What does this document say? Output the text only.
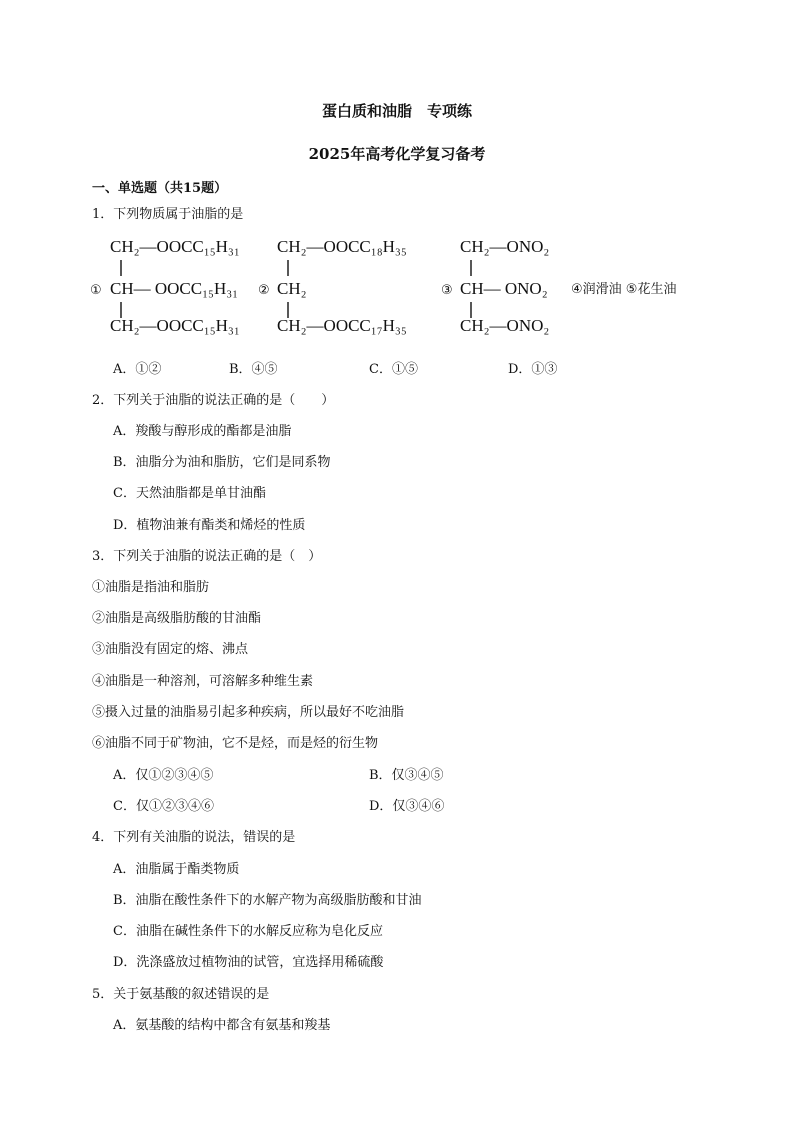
蛋白质和油脂　专项练
2025年高考化学复习备考
一、单选题（共15题）
1．下列物质属于油脂的是
CH₂—OOCC₁₅H₃₁
① CH— OOCC₁₅H₃₁
CH₂—OOCC₁₅H₃₁
CH₂—OOCC₁₈H₃₅
② CH₂
CH₂—OOCC₁₇H₃₅
CH₂—ONO₂
③ CH— ONO₂
CH₂—ONO₂
④润滑油 ⑤花生油
A．①②	B．④⑤	C．①⑤	D．①③
2．下列关于油脂的说法正确的是（　　）
A．羧酸与醇形成的酯都是油脂
B．油脂分为油和脂肪，它们是同系物
C．天然油脂都是单甘油酯
D．植物油兼有酯类和烯烃的性质
3．下列关于油脂的说法正确的是（　）
①油脂是指油和脂肪
②油脂是高级脂肪酸的甘油酯
③油脂没有固定的熔、沸点
④油脂是一种溶剂，可溶解多种维生素
⑤摄入过量的油脂易引起多种疾病，所以最好不吃油脂
⑥油脂不同于矿物油，它不是烃，而是烃的衍生物
A．仅①②③④⑤	B．仅③④⑤
C．仅①②③④⑥	D．仅③④⑥
4．下列有关油脂的说法，错误的是
A．油脂属于酯类物质
B．油脂在酸性条件下的水解产物为高级脂肪酸和甘油
C．油脂在碱性条件下的水解反应称为皂化反应
D．洗涤盛放过植物油的试管，宜选择用稀硫酸
5．关于氨基酸的叙述错误的是
A．氨基酸的结构中都含有氨基和羧基
